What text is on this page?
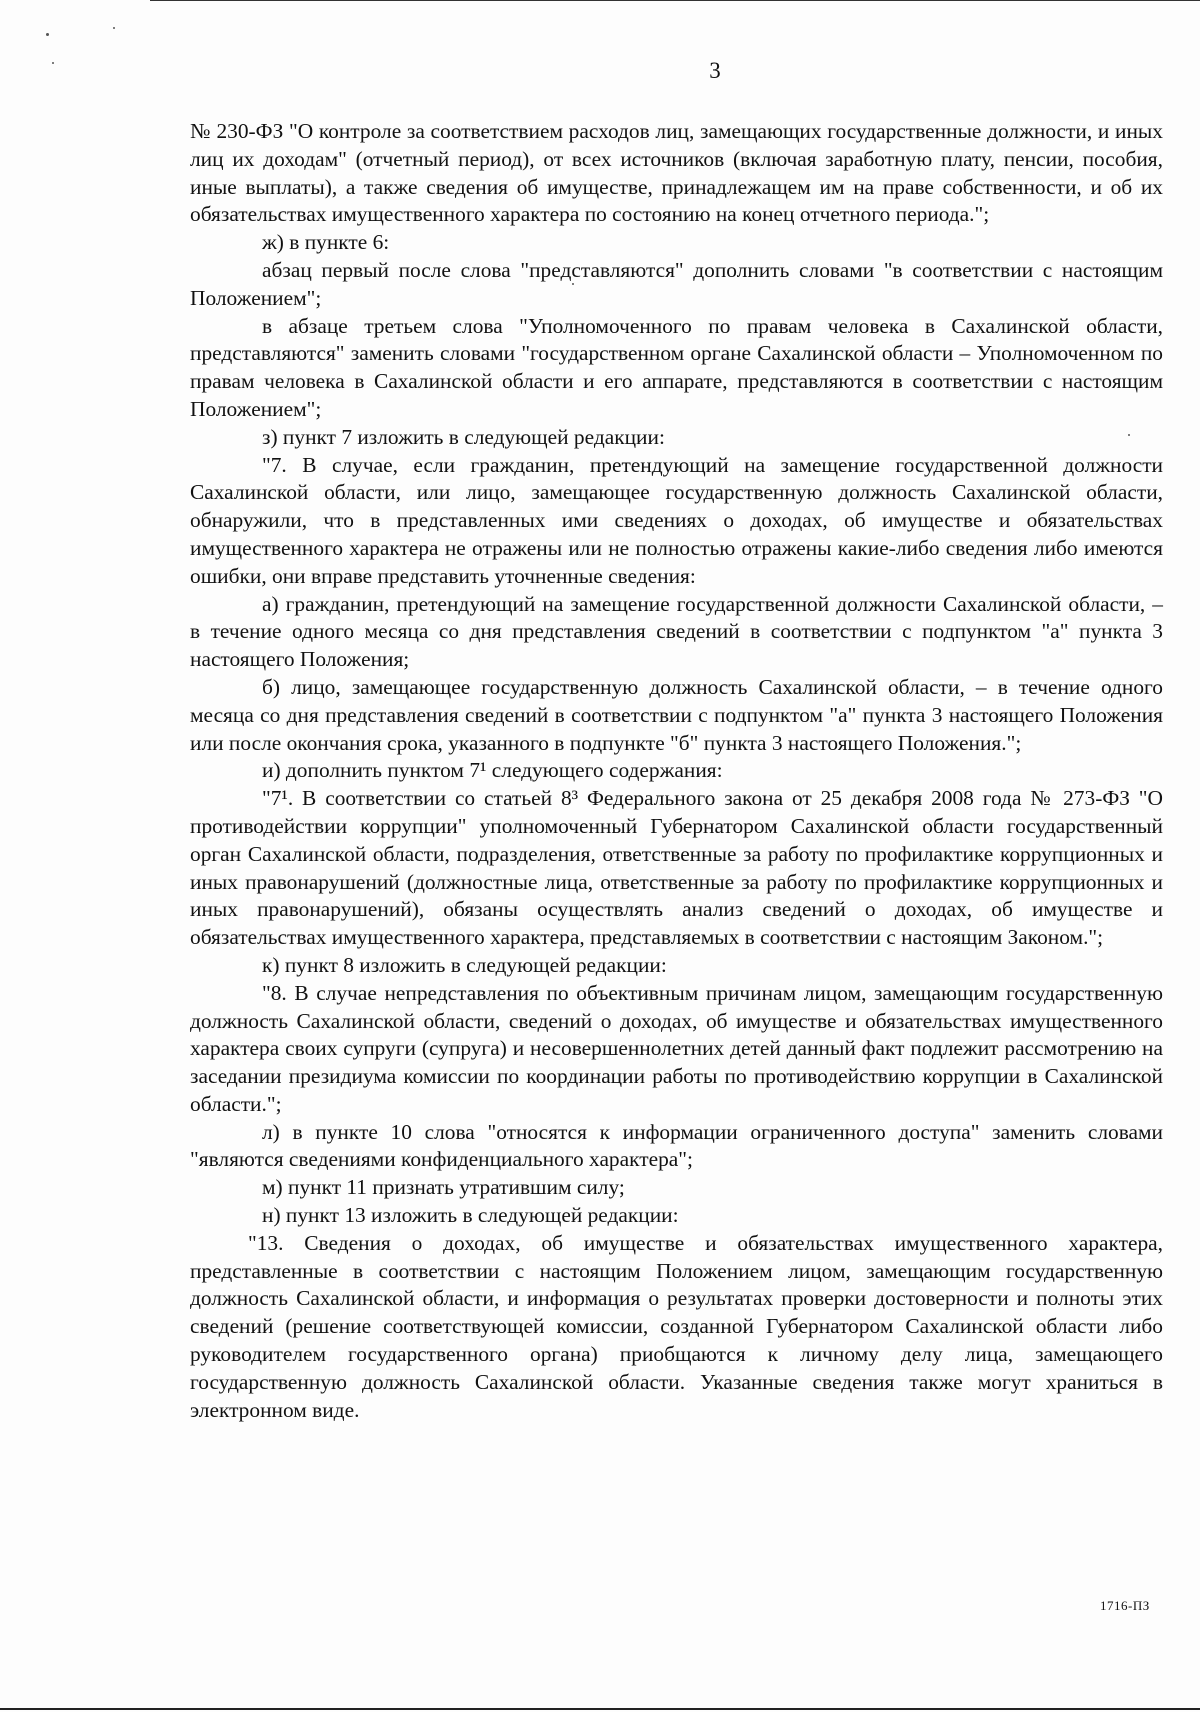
3

№ 230-ФЗ "О контроле за соответствием расходов лиц, замещающих государственные должности, и иных лиц их доходам" (отчетный период), от всех источников (включая заработную плату, пенсии, пособия, иные выплаты), а также сведения об имуществе, принадлежащем им на праве собственности, и об их обязательствах имущественного характера по состоянию на конец отчетного периода.";

ж) в пункте 6:

абзац первый после слова "представляются" дополнить словами "в соответствии с настоящим Положением";

в абзаце третьем слова "Уполномоченного по правам человека в Сахалинской области, представляются" заменить словами "государственном органе Сахалинской области – Уполномоченном по правам человека в Сахалинской области и его аппарате, представляются в соответствии с настоящим Положением";

з) пункт 7 изложить в следующей редакции:

"7. В случае, если гражданин, претендующий на замещение государственной должности Сахалинской области, или лицо, замещающее государственную должность Сахалинской области, обнаружили, что в представленных ими сведениях о доходах, об имуществе и обязательствах имущественного характера не отражены или не полностью отражены какие-либо сведения либо имеются ошибки, они вправе представить уточненные сведения:

а) гражданин, претендующий на замещение государственной должности Сахалинской области, – в течение одного месяца со дня представления сведений в соответствии с подпунктом "а" пункта 3 настоящего Положения;

б) лицо, замещающее государственную должность Сахалинской области, – в течение одного месяца со дня представления сведений в соответствии с подпунктом "а" пункта 3 настоящего Положения или после окончания срока, указанного в подпункте "б" пункта 3 настоящего Положения.";

и) дополнить пунктом 7¹ следующего содержания:

"7¹. В соответствии со статьей 8³ Федерального закона от 25 декабря 2008 года № 273-ФЗ "О противодействии коррупции" уполномоченный Губернатором Сахалинской области государственный орган Сахалинской области, подразделения, ответственные за работу по профилактике коррупционных и иных правонарушений (должностные лица, ответственные за работу по профилактике коррупционных и иных правонарушений), обязаны осуществлять анализ сведений о доходах, об имуществе и обязательствах имущественного характера, представляемых в соответствии с настоящим Законом.";

к) пункт 8 изложить в следующей редакции:

"8. В случае непредставления по объективным причинам лицом, замещающим государственную должность Сахалинской области, сведений о доходах, об имуществе и обязательствах имущественного характера своих супруги (супруга) и несовершеннолетних детей данный факт подлежит рассмотрению на заседании президиума комиссии по координации работы по противодействию коррупции в Сахалинской области.";

л) в пункте 10 слова "относятся к информации ограниченного доступа" заменить словами "являются сведениями конфиденциального характера";

м) пункт 11 признать утратившим силу;

н) пункт 13 изложить в следующей редакции:

"13. Сведения о доходах, об имуществе и обязательствах имущественного характера, представленные в соответствии с настоящим Положением лицом, замещающим государственную должность Сахалинской области, и информация о результатах проверки достоверности и полноты этих сведений (решение соответствующей комиссии, созданной Губернатором Сахалинской области либо руководителем государственного органа) приобщаются к личному делу лица, замещающего государственную должность Сахалинской области. Указанные сведения также могут храниться в электронном виде.

1716-ПЗ
